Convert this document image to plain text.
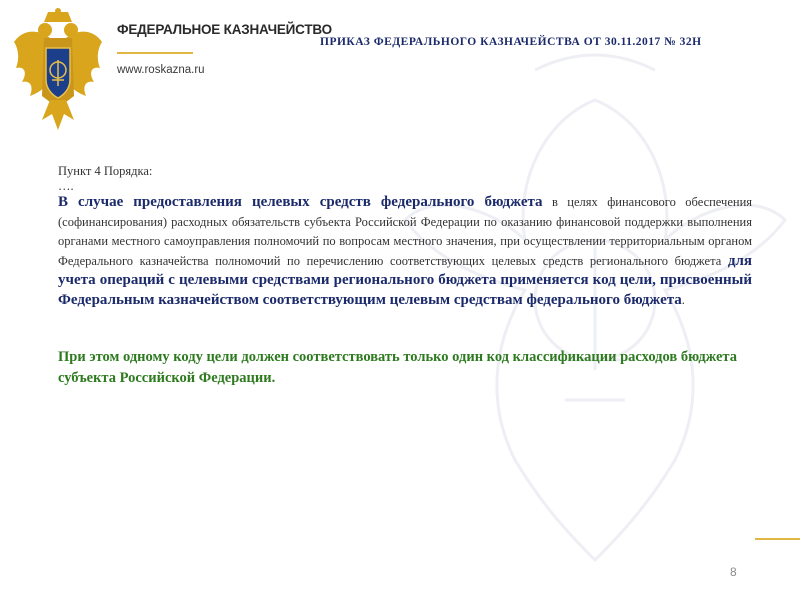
ФЕДЕРАЛЬНОЕ КАЗНАЧЕЙСТВО
www.roskazna.ru
ПРИКАЗ ФЕДЕРАЛЬНОГО КАЗНАЧЕЙСТВА ОТ 30.11.2017 № 32Н

Пункт 4 Порядка:

….

В случае предоставления целевых средств федерального бюджета в целях финансового обеспечения (софинансирования) расходных обязательств субъекта Российской Федерации по оказанию финансовой поддержки выполнения органами местного самоуправления полномочий по вопросам местного значения, при осуществлении территориальным органом Федерального казначейства полномочий по перечислению соответствующих целевых средств регионального бюджета для учета операций с целевыми средствами регионального бюджета применяется код цели, присвоенный Федеральным казначейством соответствующим целевым средствам федерального бюджета.

При этом одному коду цели должен соответствовать только один код классификации расходов бюджета субъекта Российской Федерации.

8
